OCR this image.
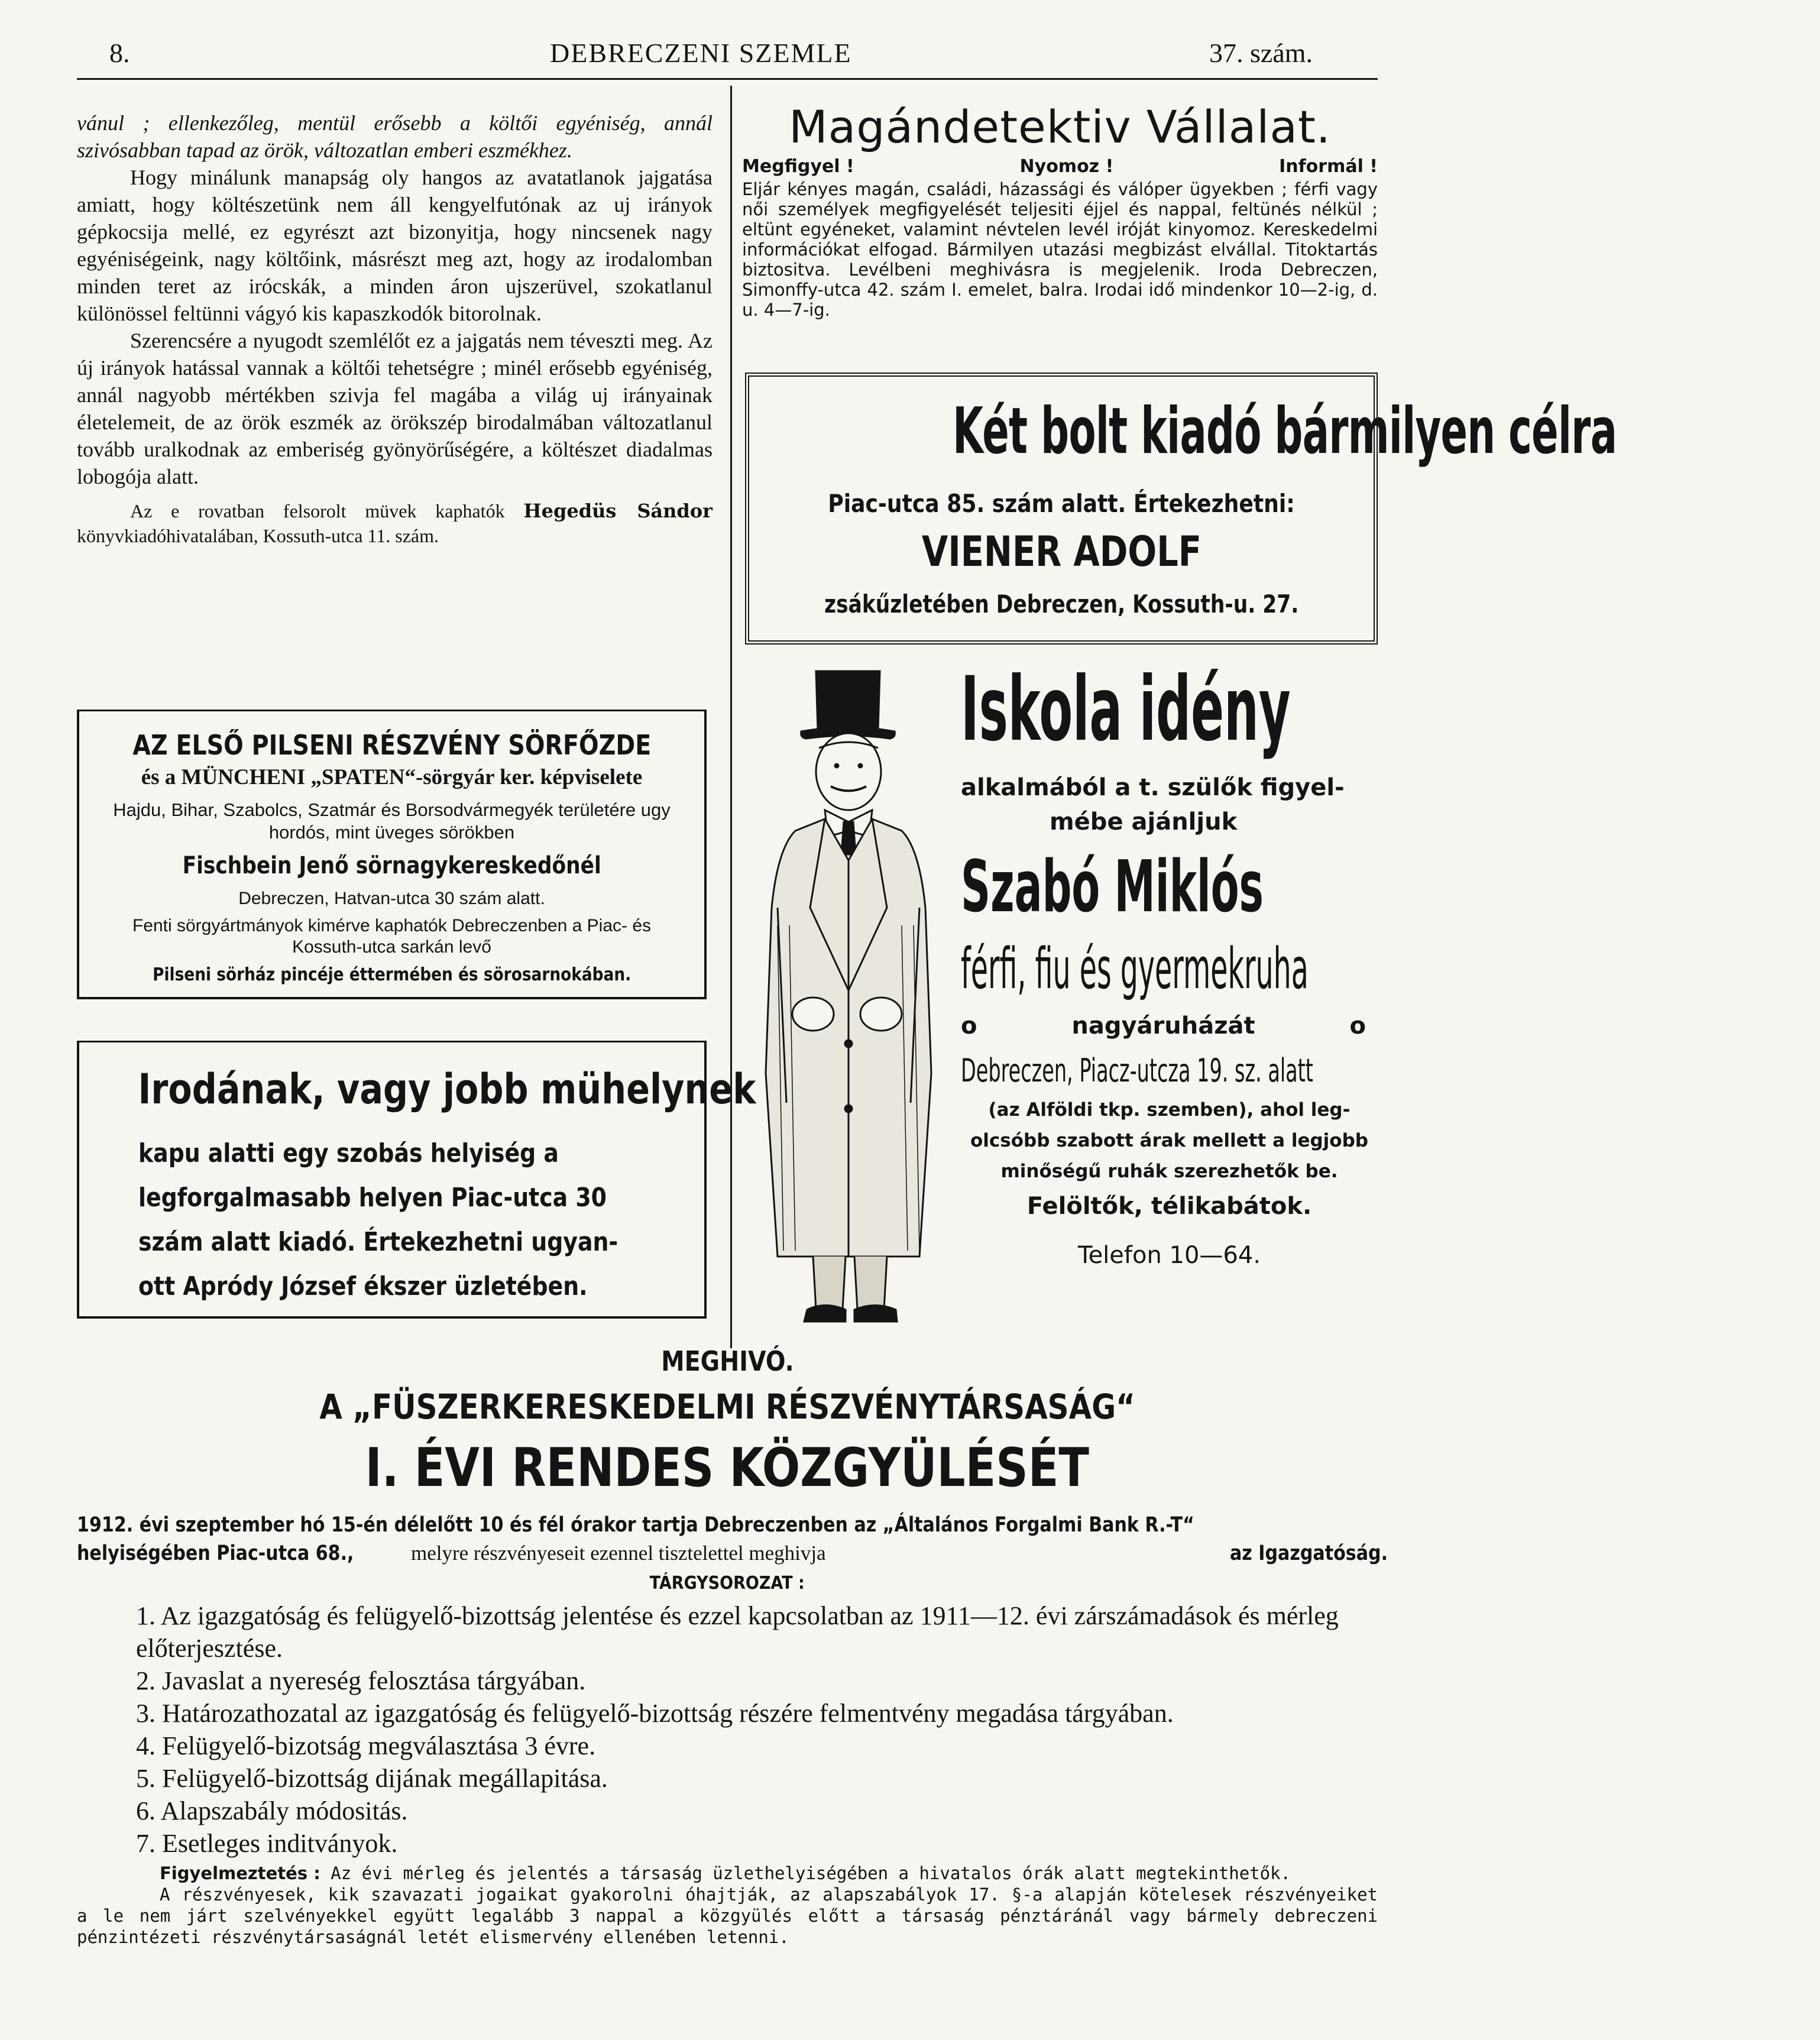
8.	DEBRECZENI SZEMLE	37. szám.

vánul ; ellenkezőleg, mentül erősebb a költői egyéniség, annál szivósabban tapad az örök, változatlan emberi eszmékhez.

Hogy minálunk manapság oly hangos az avatatlanok jajgatása amiatt, hogy költészetünk nem áll kengyelfutónak az uj irányok gépkocsija mellé, ez egyrészt azt bizonyitja, hogy nincsenek nagy egyéniségeink, nagy költőink, másrészt meg azt, hogy az irodalomban minden teret az irócskák, a minden áron ujszerüvel, szokatlanul különössel feltünni vágyó kis kapaszkodók bitorolnak.

Szerencsére a nyugodt szemlélőt ez a jajgatás nem téveszti meg. Az új irányok hatással vannak a költői tehetségre ; minél erősebb egyéniség, annál nagyobb mértékben szivja fel magába a világ uj irányainak életelemeit, de az örök eszmék az örökszép birodalmában változatlanul tovább uralkodnak az emberiség gyönyörűségére, a költészet diadalmas lobogója alatt.

Az e rovatban felsorolt müvek kaphatók Hegedüs Sándor könyvkiadóhivatalában, Kossuth-utca 11. szám.

AZ ELSŐ PILSENI RÉSZVÉNY SÖRFŐZDE
és a MÜNCHENI „SPATEN“-sörgyár ker. képviselete
Hajdu, Bihar, Szabolcs, Szatmár és Borsodvármegyék területére ugy hordós, mint üveges sörökben
Fischbein Jenő sörnagykereskedőnél
Debreczen, Hatvan-utca 30 szám alatt.
Fenti sörgyártmányok kimérve kaphatók Debreczenben a Piac- és Kossuth-utca sarkán levő
Pilseni sörház pincéje éttermében és sörosarnokában.
Irodának, vagy jobb mühelynek
kapu alatti egy szobás helyiség a
legforgalmasabb helyen Piac-utca 30
szám alatt kiadó. Értekezhetni ugyan-
ott Apródy József ékszer üzletében.
Magándetektiv Vállalat.
Megfigyel !	Nyomoz !	Informál !
Eljár kényes magán, családi, házassági és válóper ügyekben ; férfi vagy női személyek megfigyelését teljesiti éjjel és nappal, feltünés nélkül ; eltünt egyéneket, valamint névtelen levél iróját kinyomoz. Kereskedelmi információkat elfogad. Bármilyen utazási megbizást elvállal. Titoktartás biztositva. Levélbeni meghivásra is megjelenik. Iroda Debreczen, Simonffy-utca 42. szám I. emelet, balra. Irodai idő mindenkor 10—2-ig, d. u. 4—7-ig.
Két bolt kiadó bármilyen célra
Piac-utca 85. szám alatt. Értekezhetni:
VIENER ADOLF
zsákűzletében Debreczen, Kossuth-u. 27.
Iskola idény
alkalmából a t. szülők figyel-
mébe ajánljuk
Szabó Miklós
férfi, fiu és gyermekruha
o	nagyáruházát	o
Debreczen, Piacz-utcza 19. sz. alatt
(az Alföldi tkp. szemben), ahol leg-
olcsóbb szabott árak mellett a legjobb
minőségű ruhák szerezhetők be.
Felöltők, télikabátok.
Telefon 10—64.
MEGHIVÓ.
A „FÜSZERKERESKEDELMI RÉSZVÉNYTÁRSASÁG“
I. ÉVI RENDES KÖZGYÜLÉSÉT
1912. évi szeptember hó 15-én délelőtt 10 és fél órakor tartja Debreczenben az „Általános Forgalmi Bank R.-T“
helyiségében Piac-utca 68.,	melyre részvényeseit ezennel tisztelettel meghivja	az Igazgatóság.
TÁRGYSOROZAT :
1. Az igazgatóság és felügyelő-bizottság jelentése és ezzel kapcsolatban az 1911—12. évi zárszámadások és mérleg előterjesztése.
2. Javaslat a nyereség felosztása tárgyában.
3. Határozathozatal az igazgatóság és felügyelő-bizottság részére felmentvény megadása tárgyában.
4. Felügyelő-bizotság megválasztása 3 évre.
5. Felügyelő-bizottság dijának megállapitása.
6. Alapszabály módositás.
7. Esetleges inditványok.
Figyelmeztetés : Az évi mérleg és jelentés a társaság üzlethelyiségében a hivatalos órák alatt megtekinthetők.
A részvényesek, kik szavazati jogaikat gyakorolni óhajtják, az alapszabályok 17. §-a alapján kötelesek részvényeiket a le nem járt szelvényekkel együtt legalább 3 nappal a közgyülés előtt a társaság pénztáránál vagy bármely debreczeni pénzintézeti részvénytársaságnál letét elismervény ellenében letenni.
